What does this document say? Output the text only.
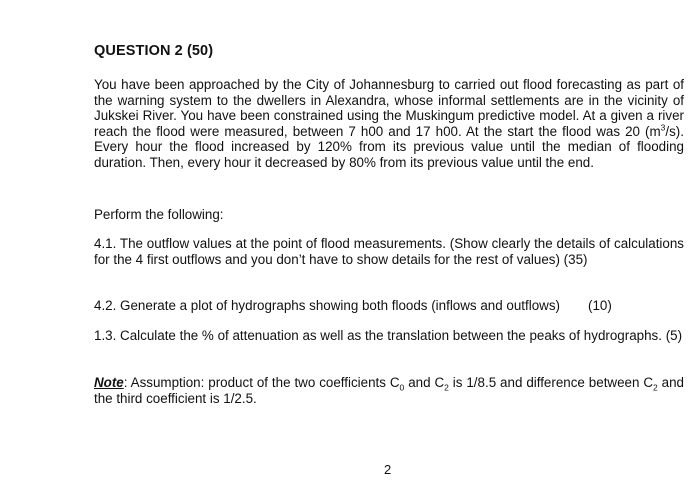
QUESTION 2 (50)

You have been approached by the City of Johannesburg to carried out flood forecasting as part of the warning system to the dwellers in Alexandra, whose informal settlements are in the vicinity of Jukskei River. You have been constrained using the Muskingum predictive model. At a given a river reach the flood were measured, between 7 h00 and 17 h00. At the start the flood was 20 $(m^3/s)$. Every hour the flood increased by 120% from its previous value until the median of flooding duration. Then, every hour it decreased by 80% from its previous value until the end.

Perform the following:

4.1. The outflow values at the point of flood measurements. (Show clearly the details of calculations for the 4 first outflows and you don’t have to show details for the rest of values) (35)

4.2. Generate a plot of hydrographs showing both floods (inflows and outflows) (10)

1.3. Calculate the % of attenuation as well as the translation between the peaks of hydrographs. (5)

Note: Assumption: product of the two coefficients $C_0$ and $C_2$ is 1/8.5 and difference between $C_2$ and the third coefficient is 1/2.5.

2
